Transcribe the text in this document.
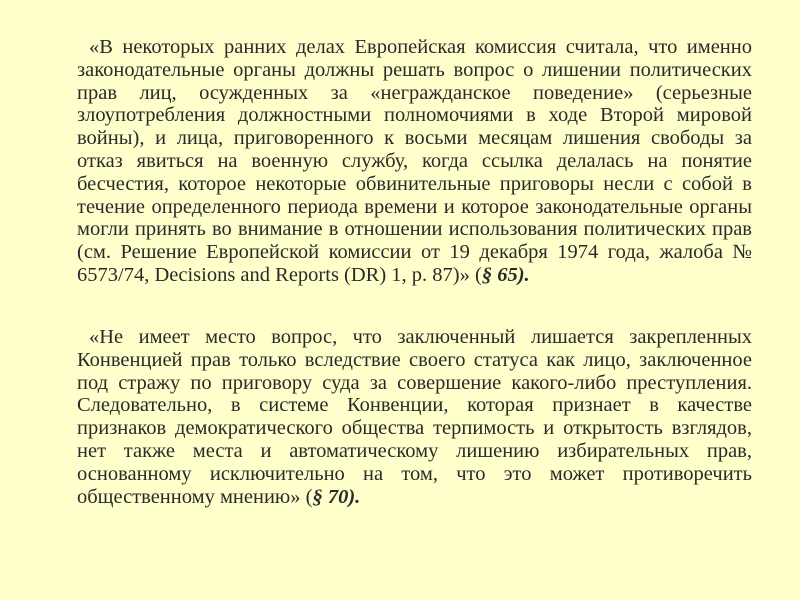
«В некоторых ранних делах Европейская комиссия считала, что именно законодательные органы должны решать вопрос о лишении политических прав лиц, осужденных за «негражданское поведение» (серьезные злоупотребления должностными полномочиями в ходе Второй мировой войны), и лица, приговоренного к восьми месяцам лишения свободы за отказ явиться на военную службу, когда ссылка делалась на понятие бесчестия, которое некоторые обвинительные приговоры несли с собой в течение определенного периода времени и которое законодательные органы могли принять во внимание в отношении использования политических прав (см. Решение Европейской комиссии от 19 декабря 1974 года, жалоба № 6573/74, Decisions and Reports (DR) 1, p. 87)» (§ 65).

«Не имеет место вопрос, что заключенный лишается закрепленных Конвенцией прав только вследствие своего статуса как лицо, заключенное под стражу по приговору суда за совершение какого-либо преступления. Следовательно, в системе Конвенции, которая признает в качестве признаков демократического общества терпимость и открытость взглядов, нет также места и автоматическому лишению избирательных прав, основанному исключительно на том, что это может противоречить общественному мнению» (§ 70).
